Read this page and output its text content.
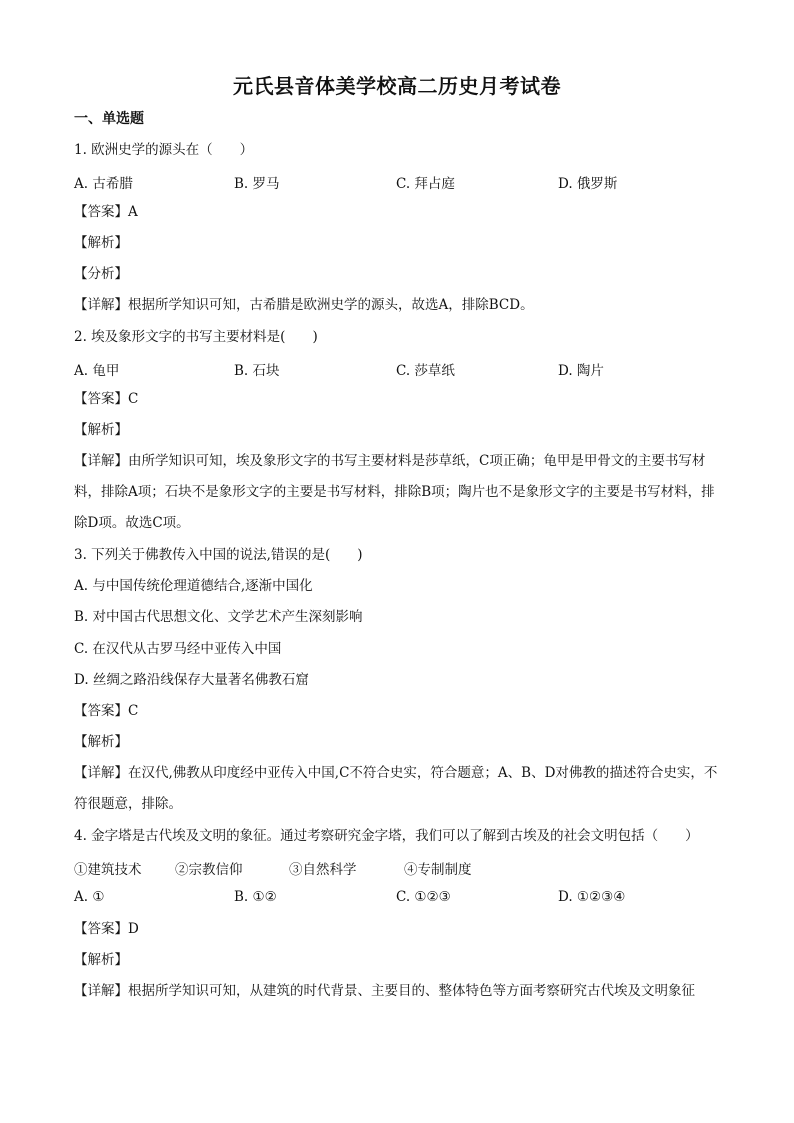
元氏县音体美学校高二历史月考试卷
一、单选题
1. 欧洲史学的源头在（　　）
A. 古希腊	B. 罗马	C. 拜占庭	D. 俄罗斯
【答案】A
【解析】
【分析】
【详解】根据所学知识可知，古希腊是欧洲史学的源头，故选A，排除BCD。
2. 埃及象形文字的书写主要材料是(　　)
A. 龟甲	B. 石块	C. 莎草纸	D. 陶片
【答案】C
【解析】
【详解】由所学知识可知，埃及象形文字的书写主要材料是莎草纸，C项正确；龟甲是甲骨文的主要书写材料，排除A项；石块不是象形文字的主要是书写材料，排除B项；陶片也不是象形文字的主要是书写材料，排除D项。故选C项。
3. 下列关于佛教传入中国的说法,错误的是(　　)
A. 与中国传统伦理道德结合,逐渐中国化
B. 对中国古代思想文化、文学艺术产生深刻影响
C. 在汉代从古罗马经中亚传入中国
D. 丝绸之路沿线保存大量著名佛教石窟
【答案】C
【解析】
【详解】在汉代,佛教从印度经中亚传入中国,C不符合史实，符合题意；A、B、D对佛教的描述符合史实，不符很题意，排除。
4. 金字塔是古代埃及文明的象征。通过考察研究金字塔，我们可以了解到古埃及的社会文明包括（　　）
①建筑技术 ②宗教信仰	③自然科学	④专制制度
A. ①	B. ①②	C. ①②③	D. ①②③④
【答案】D
【解析】
【详解】根据所学知识可知，从建筑的时代背景、主要目的、整体特色等方面考察研究古代埃及文明象征
